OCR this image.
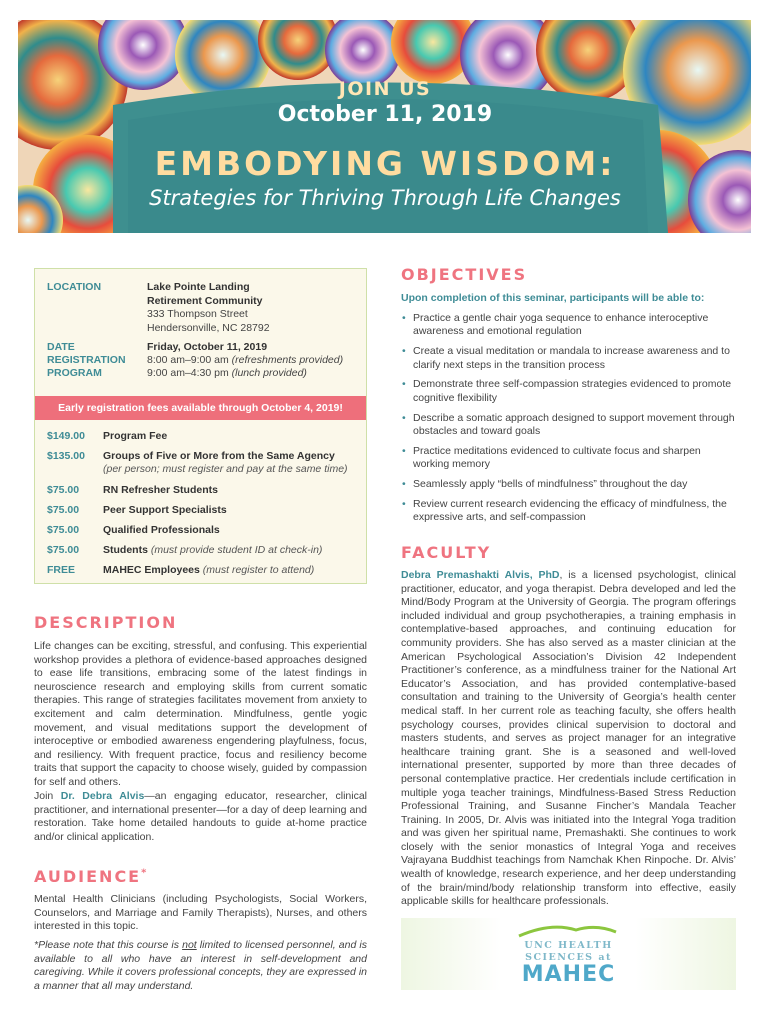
JOIN US
October 11, 2019
EMBODYING WISDOM:
Strategies for Thriving Through Life Changes
LOCATION	Lake Pointe Landing
Retirement Community
333 Thompson Street
Hendersonville, NC 28792
DATE	Friday, October 11, 2019
REGISTRATION 8:00 am–9:00 am (refreshments provided)
PROGRAM	9:00 am–4:30 pm (lunch provided)
Early registration fees available through October 4, 2019!
$149.00 Program Fee
$135.00 Groups of Five or More from the Same Agency
(per person; must register and pay at the same time)
$75.00 RN Refresher Students
$75.00 Peer Support Specialists
$75.00 Qualified Professionals
$75.00 Students (must provide student ID at check-in)
FREE	MAHEC Employees (must register to attend)
DESCRIPTION

Life changes can be exciting, stressful, and confusing. This experiential workshop provides a plethora of evidence-based approaches designed to ease life transitions, embracing some of the latest findings in neuroscience research and employing skills from current somatic therapies. This range of strategies facilitates movement from anxiety to excitement and calm determination. Mindfulness, gentle yogic movement, and visual meditations support the development of interoceptive or embodied awareness engendering playfulness, focus, and resiliency. With frequent practice, focus and resiliency become traits that support the capacity to choose wisely, guided by compassion for self and others.

Join Dr. Debra Alvis—an engaging educator, researcher, clinical practitioner, and international presenter—for a day of deep learning and restoration. Take home detailed handouts to guide at-home practice and/or clinical application.

AUDIENCE*

Mental Health Clinicians (including Psychologists, Social Workers, Counselors, and Marriage and Family Therapists), Nurses, and others interested in this topic.

*Please note that this course is not limited to licensed personnel, and is available to all who have an interest in self-development and caregiving. While it covers professional concepts, they are expressed in a manner that all may understand.

OBJECTIVES
Upon completion of this seminar, participants will be able to:
• Practice a gentle chair yoga sequence to enhance interoceptive awareness and emotional regulation
• Create a visual meditation or mandala to increase awareness and to clarify next steps in the transition process
• Demonstrate three self-compassion strategies evidenced to promote cognitive flexibility
• Describe a somatic approach designed to support movement through obstacles and toward goals
• Practice meditations evidenced to cultivate focus and sharpen working memory
• Seamlessly apply “bells of mindfulness” throughout the day
• Review current research evidencing the efficacy of mindfulness, the expressive arts, and self-compassion
FACULTY

Debra Premashakti Alvis, PhD, is a licensed psychologist, clinical practitioner, educator, and yoga therapist. Debra developed and led the Mind/Body Program at the University of Georgia. The program offerings included individual and group psychotherapies, a training emphasis in contemplative-based approaches, and continuing education for community providers. She has also served as a master clinician at the American Psychological Association’s Division 42 Independent Practitioner’s conference, as a mindfulness trainer for the National Art Educator’s Association, and has provided contemplative-based consultation and training to the University of Georgia’s health center medical staff. In her current role as teaching faculty, she offers health psychology courses, provides clinical supervision to doctoral and masters students, and serves as project manager for an integrative healthcare training grant. She is a seasoned and well-loved international presenter, supported by more than three decades of personal contemplative practice. Her credentials include certification in multiple yoga teacher trainings, Mindfulness-Based Stress Reduction Professional Training, and Susanne Fincher’s Mandala Teacher Training. In 2005, Dr. Alvis was initiated into the Integral Yoga tradition and was given her spiritual name, Premashakti. She continues to work closely with the senior monastics of Integral Yoga and receives Vajrayana Buddhist teachings from Namchak Khen Rinpoche. Dr. Alvis’ wealth of knowledge, research experience, and her deep understanding of the brain/mind/body relationship transform into effective, easily applicable skills for healthcare professionals.

UNC HEALTH
SCIENCES at
MAHEC
